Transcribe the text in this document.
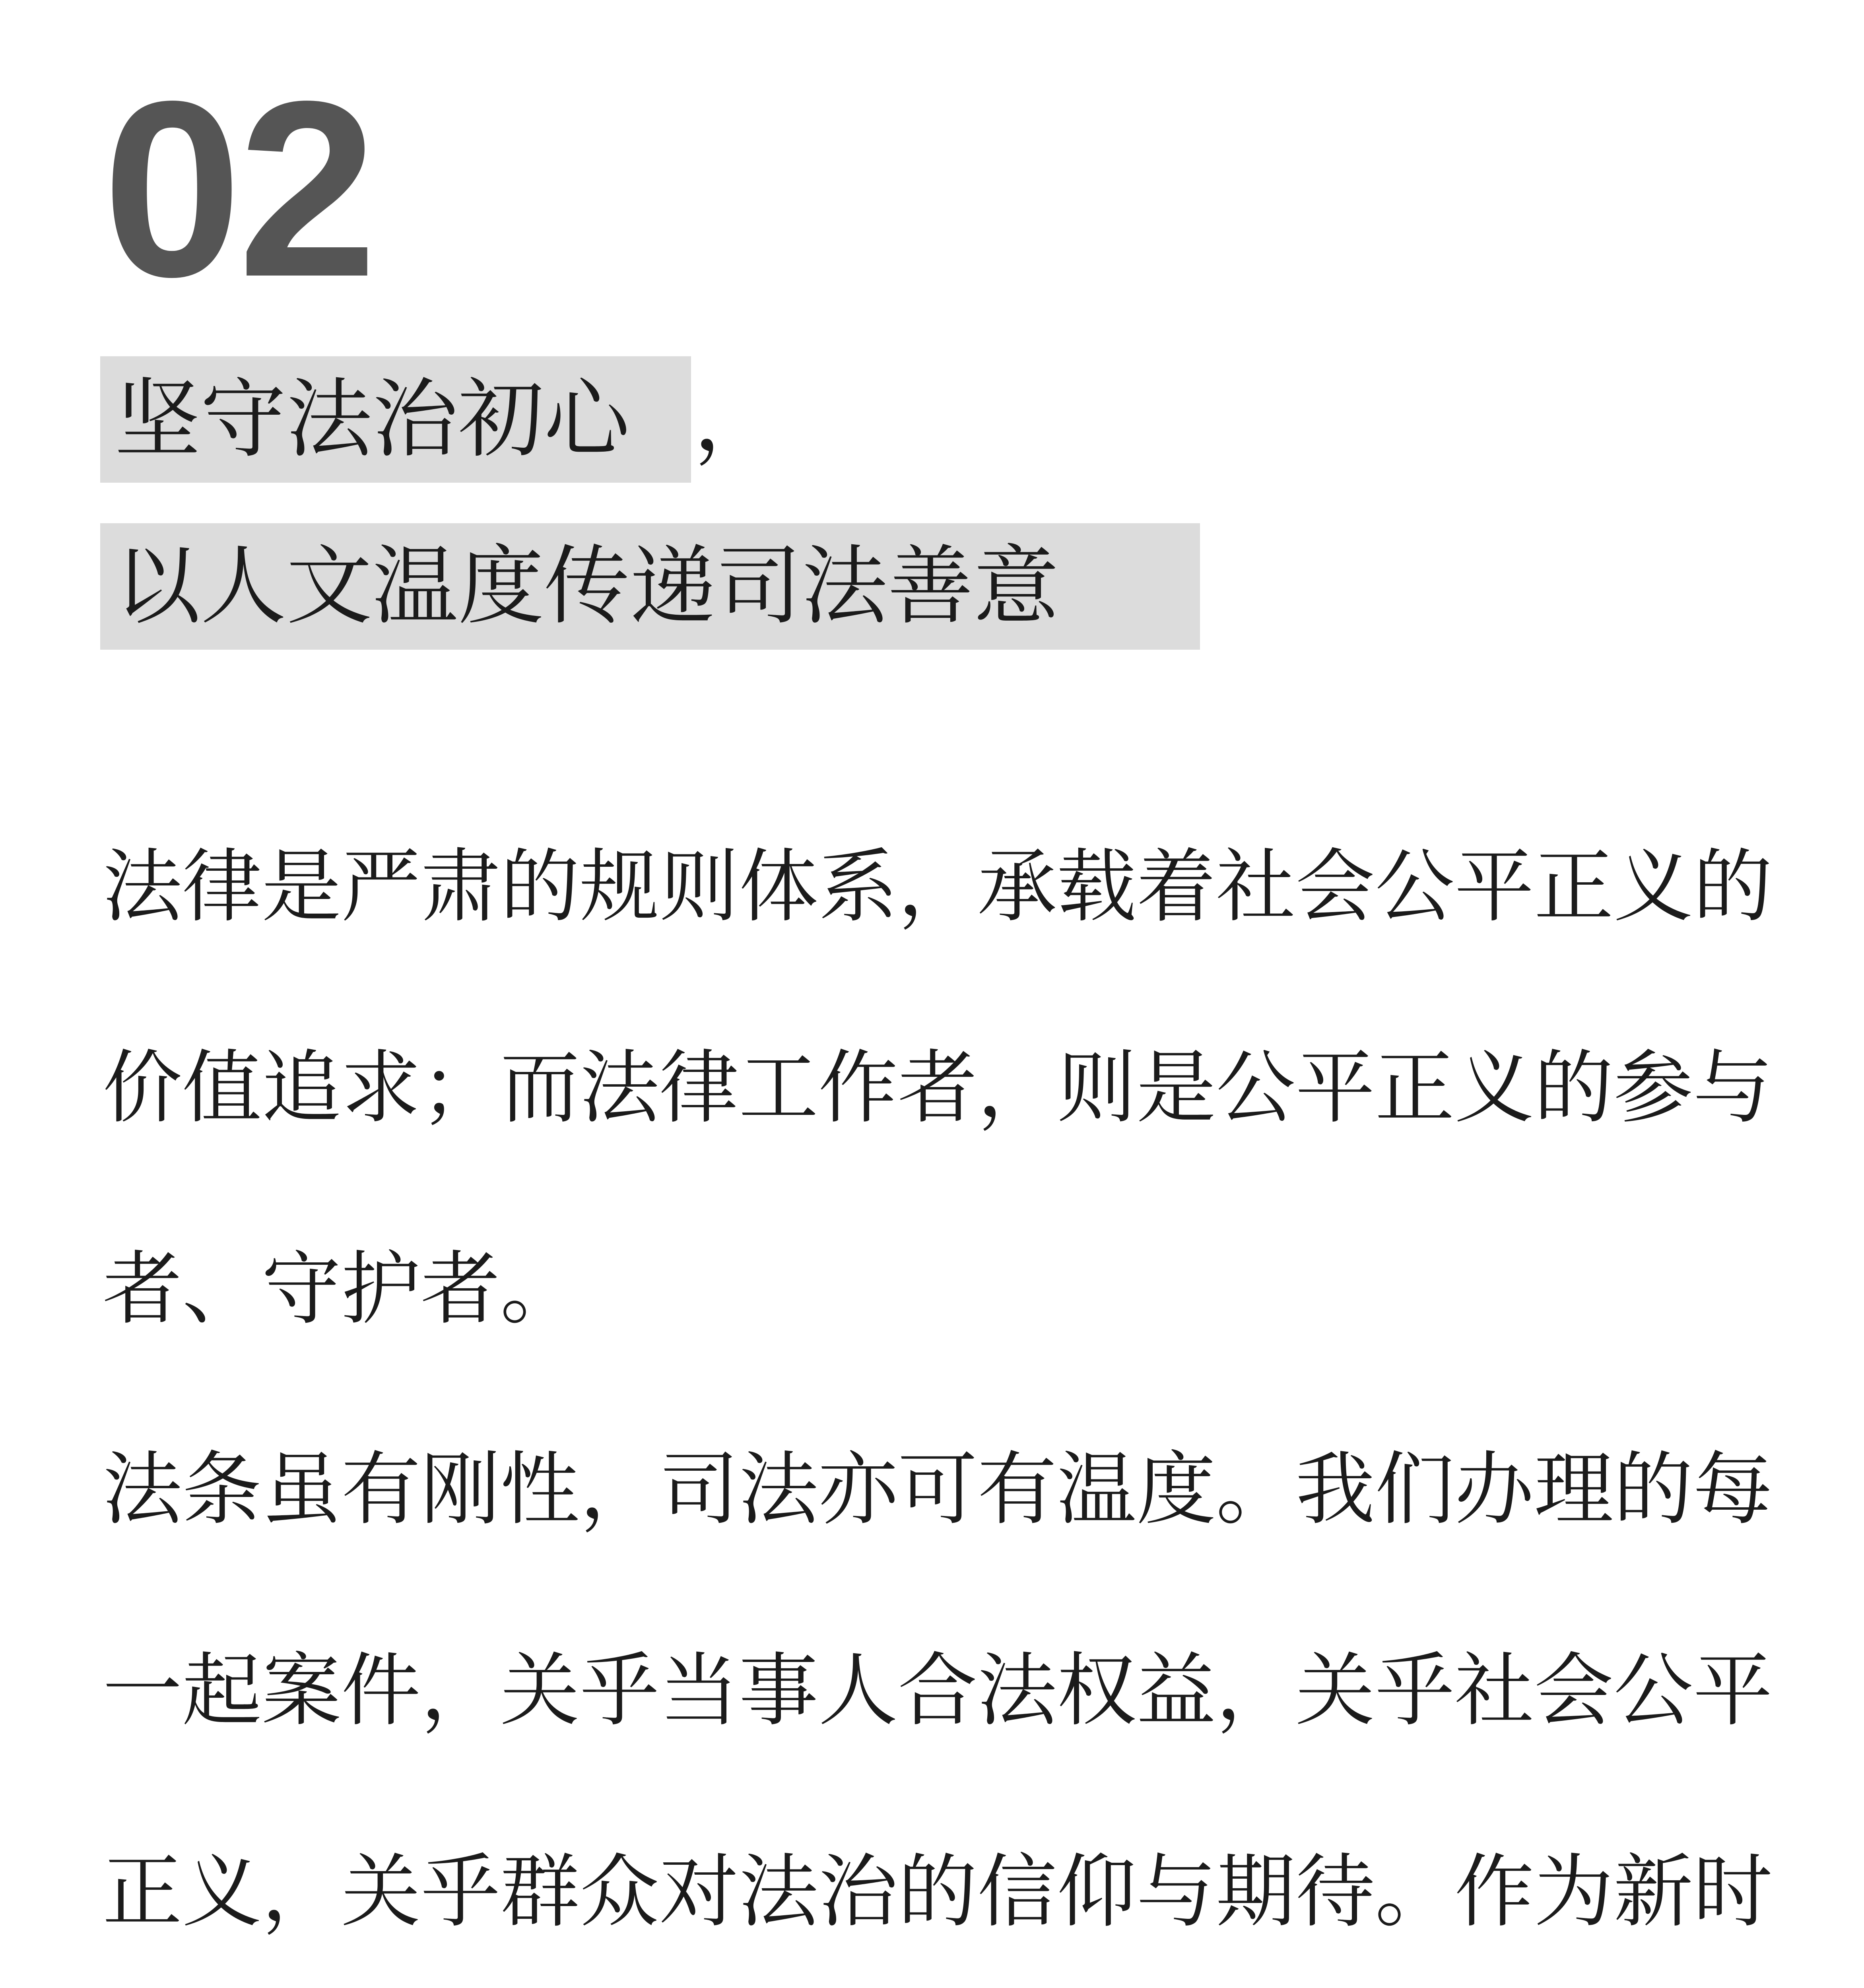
02
坚守法治初心 ，
以人文温度传递司法善意

法律是严肃的规则体系，承载着社会公平正义的价值追求；而法律工作者，则是公平正义的参与者、守护者。

法条虽有刚性，司法亦可有温度。我们办理的每一起案件，关乎当事人合法权益，关乎社会公平正义，关乎群众对法治的信仰与期待。作为新时
